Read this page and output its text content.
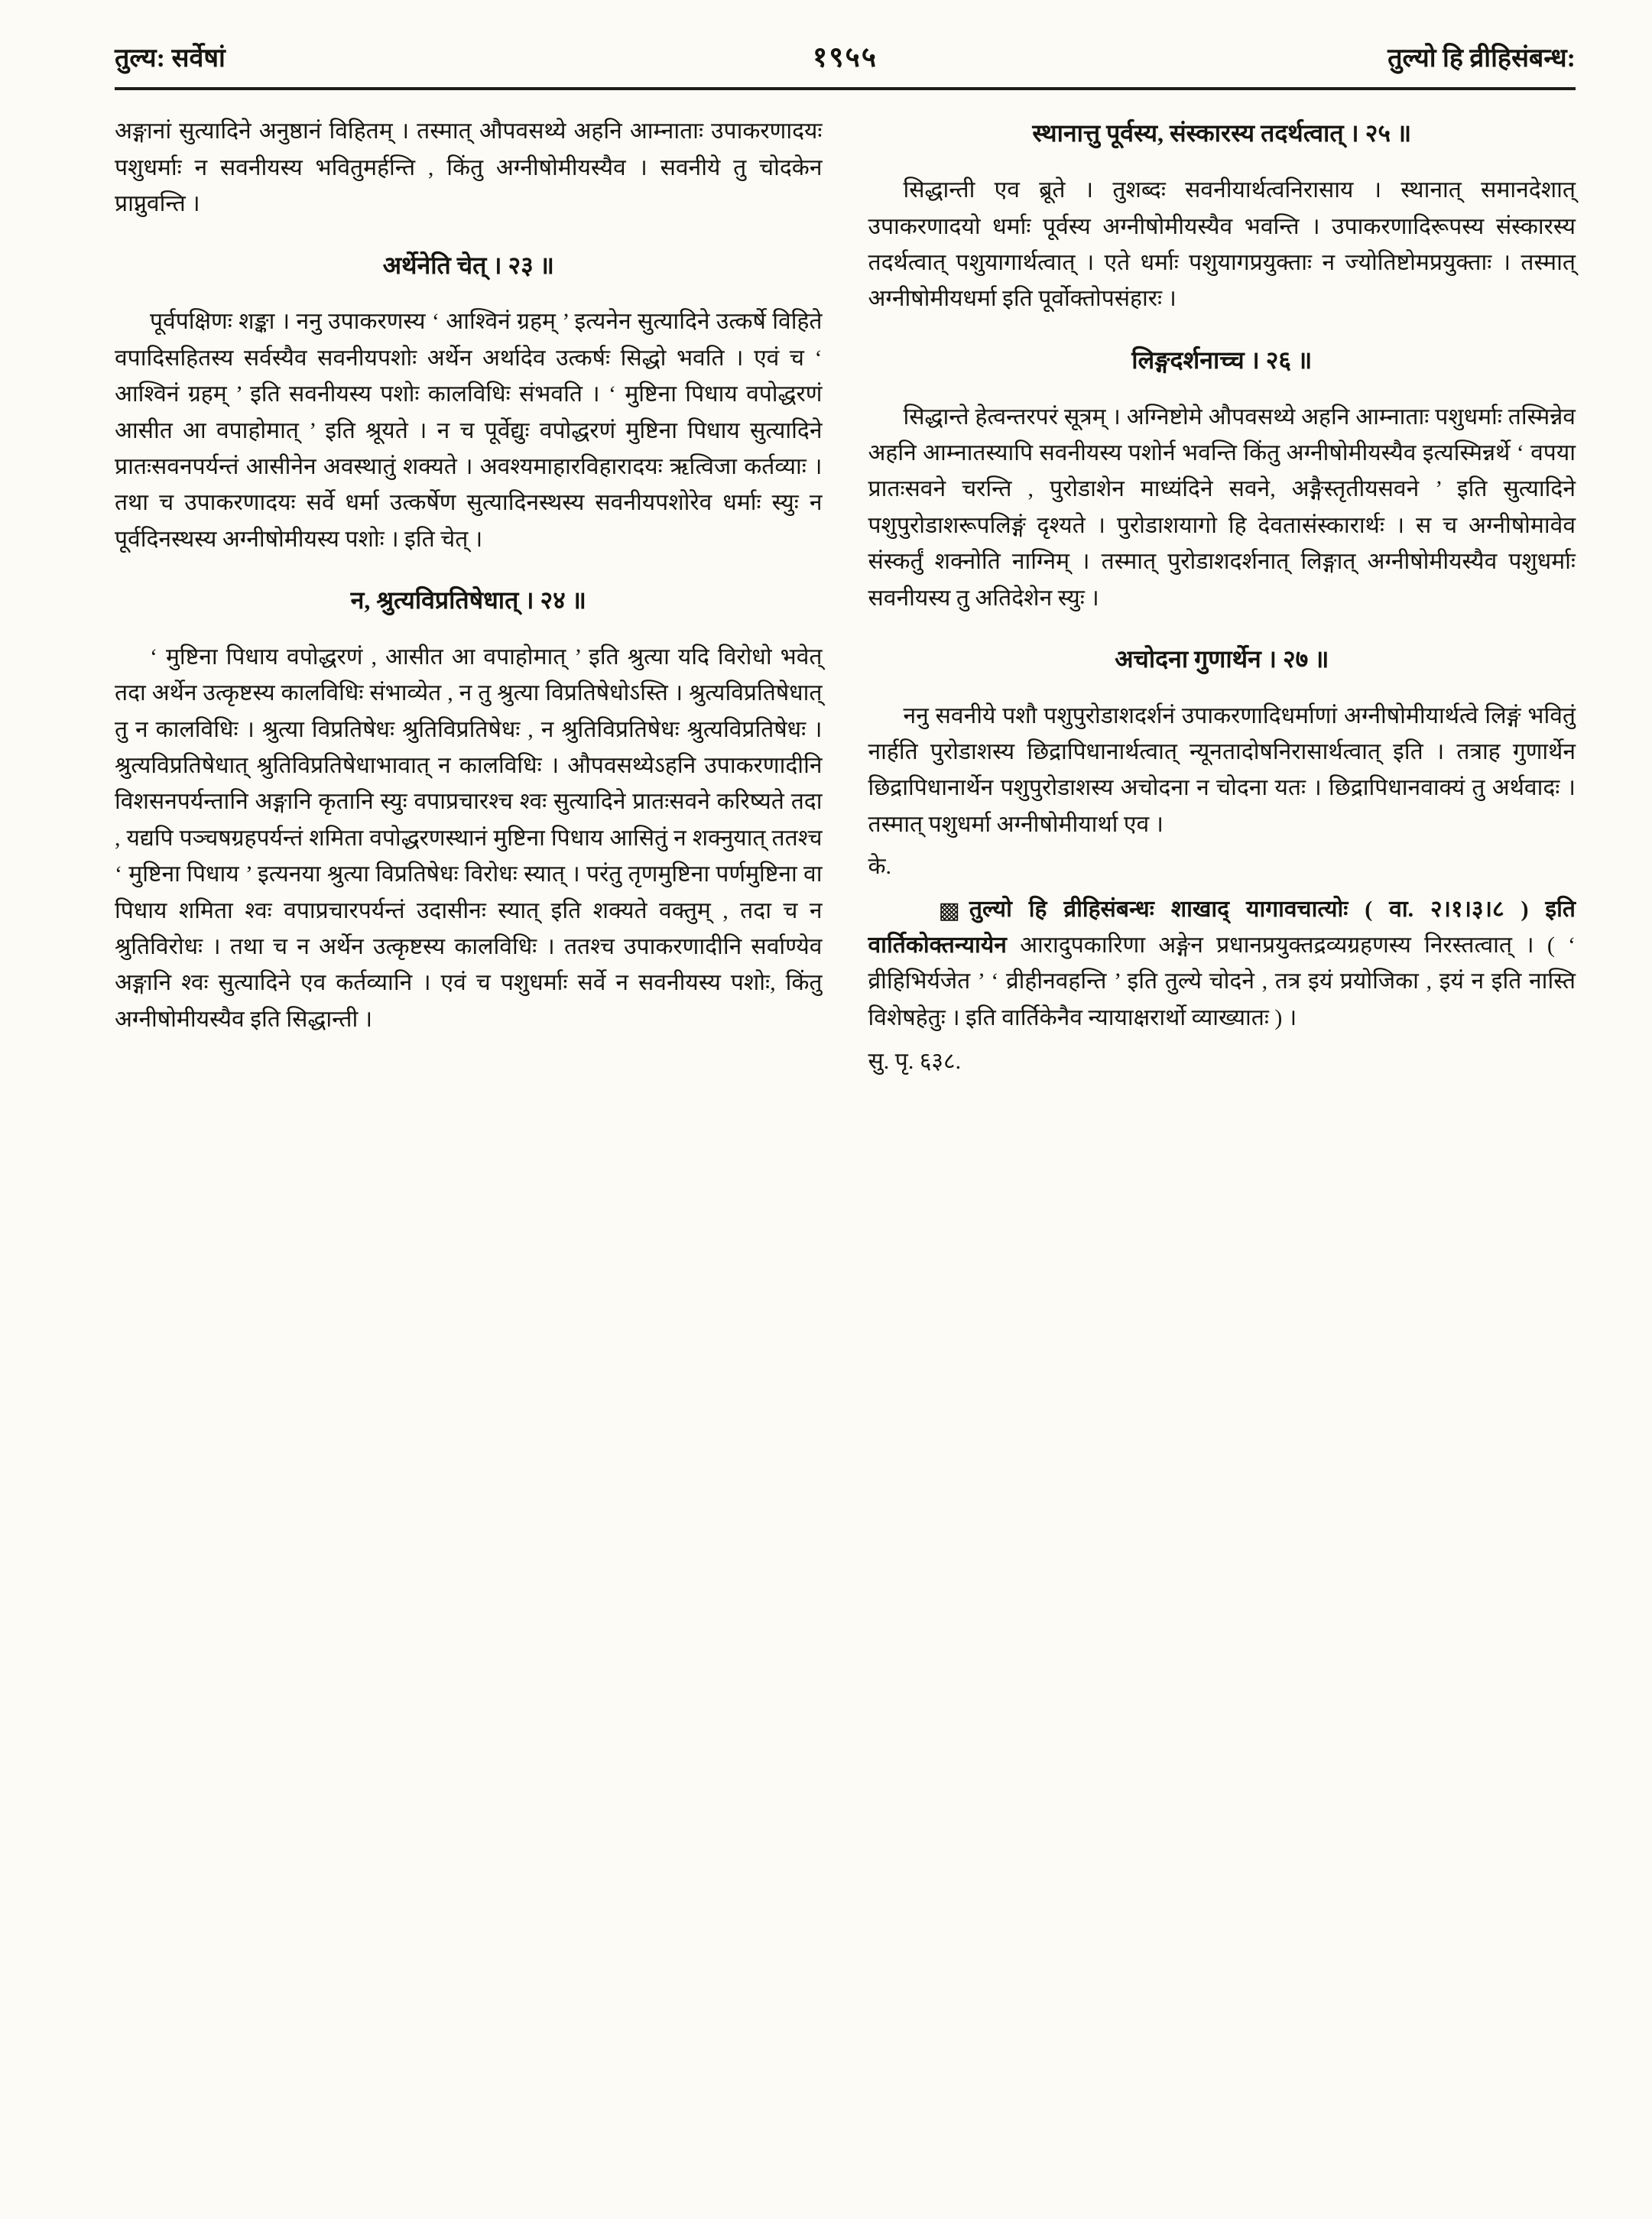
तुल्य: सर्वेषां	१९५५	तुल्यो हि व्रीहिसंबन्ध:

अङ्गानां सुत्यादिने अनुष्ठानं विहितम् । तस्मात् औपवसथ्ये अहनि आम्नाताः उपाकरणादयः पशुधर्माः न सवनीयस्य भवितुमर्हन्ति , किंतु अग्नीषोमीयस्यैव । सवनीये तु चोदकेन प्राप्नुवन्ति ।

अर्थेनेति चेत् । २३ ॥

पूर्वपक्षिणः शङ्का । ननु उपाकरणस्य ‘ आश्विनं ग्रहम् ’ इत्यनेन सुत्यादिने उत्कर्षे विहिते वपादिसहितस्य सर्वस्यैव सवनीयपशोः अर्थेन अर्थादेव उत्कर्षः सिद्धो भवति । एवं च ‘ आश्विनं ग्रहम् ’ इति सवनीयस्य पशोः कालविधिः संभवति । ‘ मुष्टिना पिधाय वपोद्धरणं आसीत आ वपाहोमात् ’ इति श्रूयते । न च पूर्वेद्युः वपोद्धरणं मुष्टिना पिधाय सुत्यादिने प्रातःसवनपर्यन्तं आसीनेन अवस्थातुं शक्यते । अवश्यमाहारविहारादयः ऋत्विजा कर्तव्याः । तथा च उपाकरणादयः सर्वे धर्मा उत्कर्षेण सुत्यादिनस्थस्य सवनीयपशोरेव धर्माः स्युः न पूर्वदिनस्थस्य अग्नीषोमीयस्य पशोः । इति चेत् ।

न, श्रुत्यविप्रतिषेधात् । २४ ॥

‘ मुष्टिना पिधाय वपोद्धरणं , आसीत आ वपाहोमात् ’ इति श्रुत्या यदि विरोधो भवेत् तदा अर्थेन उत्कृष्टस्य कालविधिः संभाव्येत , न तु श्रुत्या विप्रतिषेधोऽस्ति । श्रुत्यविप्रतिषेधात् तु न कालविधिः । श्रुत्या विप्रतिषेधः श्रुतिविप्रतिषेधः , न श्रुतिविप्रतिषेधः श्रुत्यविप्रतिषेधः । श्रुत्यविप्रतिषेधात् श्रुतिविप्रतिषेधाभावात् न कालविधिः । औपवसथ्येऽहनि उपाकरणादीनि विशसनपर्यन्तानि अङ्गानि कृतानि स्युः वपाप्रचारश्च श्वः सुत्यादिने प्रातःसवने करिष्यते तदा , यद्यपि पञ्चषग्रहपर्यन्तं शमिता वपोद्धरणस्थानं मुष्टिना पिधाय आसितुं न शक्नुयात् ततश्च ‘ मुष्टिना पिधाय ’ इत्यनया श्रुत्या विप्रतिषेधः विरोधः स्यात् । परंतु तृणमुष्टिना पर्णमुष्टिना वा पिधाय शमिता श्वः वपाप्रचारपर्यन्तं उदासीनः स्यात् इति शक्यते वक्तुम् , तदा च न श्रुतिविरोधः । तथा च न अर्थेन उत्कृष्टस्य कालविधिः । ततश्च उपाकरणादीनि सर्वाण्येव अङ्गानि श्वः सुत्यादिने एव कर्तव्यानि । एवं च पशुधर्माः सर्वे न सवनीयस्य पशोः, किंतु अग्नीषोमीयस्यैव इति सिद्धान्ती ।

स्थानात्तु पूर्वस्य, संस्कारस्य तदर्थत्वात् । २५ ॥

सिद्धान्ती एव ब्रूते । तुशब्दः सवनीयार्थत्वनिरासाय । स्थानात् समानदेशात् उपाकरणादयो धर्माः पूर्वस्य अग्नीषोमीयस्यैव भवन्ति । उपाकरणादिरूपस्य संस्कारस्य तदर्थत्वात् पशुयागार्थत्वात् । एते धर्माः पशुयागप्रयुक्ताः न ज्योतिष्टोमप्रयुक्ताः । तस्मात् अग्नीषोमीयधर्मा इति पूर्वोक्तोपसंहारः ।

लिङ्गदर्शनाच्च । २६ ॥

सिद्धान्ते हेत्वन्तरपरं सूत्रम् । अग्निष्टोमे औपवसथ्ये अहनि आम्नाताः पशुधर्माः तस्मिन्नेव अहनि आम्नातस्यापि सवनीयस्य पशोर्न भवन्ति किंतु अग्नीषोमीयस्यैव इत्यस्मिन्नर्थे ‘ वपया प्रातःसवने चरन्ति , पुरोडाशेन माध्यंदिने सवने, अङ्गैस्तृतीयसवने ’ इति सुत्यादिने पशुपुरोडाशरूपलिङ्गं दृश्यते । पुरोडाशयागो हि देवतासंस्कारार्थः । स च अग्नीषोमावेव संस्कर्तुं शक्नोति नाग्निम् । तस्मात् पुरोडाशदर्शनात् लिङ्गात् अग्नीषोमीयस्यैव पशुधर्माः सवनीयस्य तु अतिदेशेन स्युः ।

अचोदना गुणार्थेन । २७ ॥

ननु सवनीये पशौ पशुपुरोडाशदर्शनं उपाकरणादिधर्माणां अग्नीषोमीयार्थत्वे लिङ्गं भवितुं नार्हति पुरोडाशस्य छिद्रापिधानार्थत्वात् न्यूनतादोषनिरासार्थत्वात् इति । तत्राह गुणार्थेन छिद्रापिधानार्थेन पशुपुरोडाशस्य अचोदना न चोदना यतः । छिद्रापिधानवाक्यं तु अर्थवादः । तस्मात् पशुधर्मा अग्नीषोमीयार्था एव ।

के.

▩ तुल्यो हि व्रीहिसंबन्धः शाखाद् यागावचात्योः ( वा. २।१।३।८ ) इति वार्तिकोक्तन्यायेन आरादुपकारिणा अङ्गेन प्रधानप्रयुक्तद्रव्यग्रहणस्य निरस्तत्वात् । ( ‘ व्रीहिभिर्यजेत ’ ‘ व्रीहीनवहन्ति ’ इति तुल्ये चोदने , तत्र इयं प्रयोजिका , इयं न इति नास्ति विशेषहेतुः । इति वार्तिकेनैव न्यायाक्षरार्थो व्याख्यातः ) ।

सु. पृ. ६३८.
